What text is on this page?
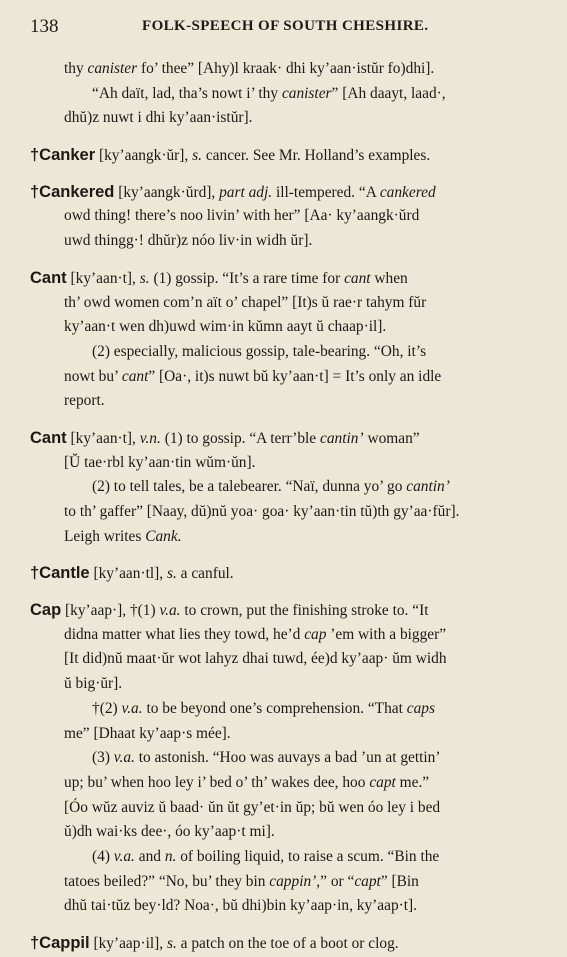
138	FOLK-SPEECH OF SOUTH CHESHIRE.
thy canister fo’ thee” [Ahy)l kraak· dhi ky’aan·istŭr fo)dhi].
“Ah daït, lad, tha’s nowt i’ thy canister” [Ah daayt, laad·,
dhŭ)z nuwt i dhi ky’aan·istŭr].
†Canker [ky’aangk·ŭr], s. cancer. See Mr. Holland’s examples.
†Cankered [ky’aangk·ŭrd], part adj. ill-tempered. “A cankered
owd thing! there’s noo livin’ with her” [Aa· ky’aangk·ŭrd
uwd thingg·! dhŭr)z nóo liv·in widh ŭr].
Cant [ky’aan·t], s. (1) gossip. “It’s a rare time for cant when
th’ owd women com’n aït o’ chapel” [It)s ŭ rae·r tahym fŭr
ky’aan·t wen dh)uwd wim·in kŭmn aayt ŭ chaap·il].
(2) especially, malicious gossip, tale-bearing. “Oh, it’s
nowt bu’ cant” [Oa·, it)s nuwt bŭ ky’aan·t] = It’s only an idle
report.
Cant [ky’aan·t], v.n. (1) to gossip. “A terr’ble cantin’ woman”
[Ŭ tae·rbl ky’aan·tin wŭm·ŭn].
(2) to tell tales, be a talebearer. “Naï, dunna yo’ go cantin’
to th’ gaffer” [Naay, dŭ)nŭ yoa· goa· ky’aan·tin tŭ)th gy’aa·fŭr].
Leigh writes Cank.
†Cantle [ky’aan·tl], s. a canful.
Cap [ky’aap·], †(1) v.a. to crown, put the finishing stroke to. “It
didna matter what lies they towd, he’d cap ’em with a bigger”
[It did)nŭ maat·ŭr wot lahyz dhai tuwd, ée)d ky’aap· ŭm widh
ŭ big·ŭr].
†(2) v.a. to be beyond one’s comprehension. “That caps
me” [Dhaat ky’aap·s mée].
(3) v.a. to astonish. “Hoo was auvays a bad ’un at gettin’
up; bu’ when hoo ley i’ bed o’ th’ wakes dee, hoo capt me.”
[Óo wŭz auviz ŭ baad· ŭn ŭt gy’et·in ŭp; bŭ wen óo ley i bed
ŭ)dh wai·ks dee·, óo ky’aap·t mi].
(4) v.a. and n. of boiling liquid, to raise a scum. “Bin the
tatoes beiled?” “No, bu’ they bin cappin’,” or “capt” [Bin
dhŭ tai·tŭz bey·ld? Noa·, bŭ dhi)bin ky’aap·in, ky’aap·t].
†Cappil [ky’aap·il], s. a patch on the toe of a boot or clog.
